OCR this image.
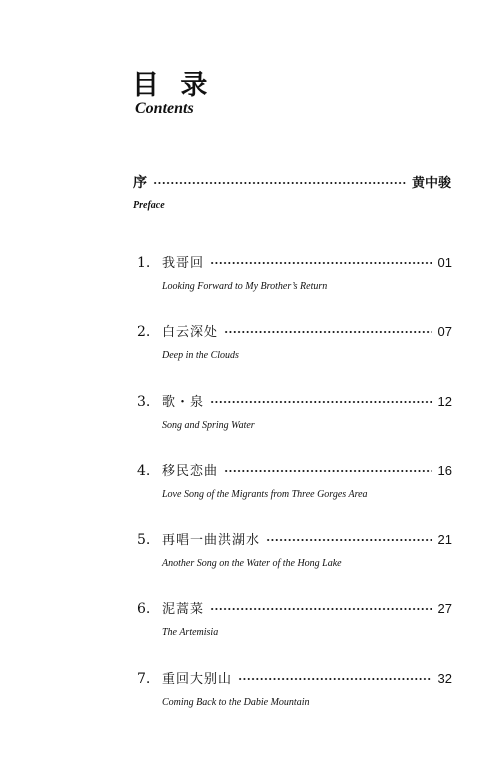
目 录
Contents
序	黄中骏
Preface
1. 我哥回	01
Looking Forward to My Brother’s Return
2. 白云深处	07
Deep in the Clouds
3. 歌・泉	12
Song and Spring Water
4. 移民恋曲	16
Love Song of the Migrants from Three Gorges Area
5. 再唱一曲洪湖水	21
Another Song on the Water of the Hong Lake
6. 泥蒿菜	27
The Artemisia
7. 重回大别山	32
Coming Back to the Dabie Mountain
